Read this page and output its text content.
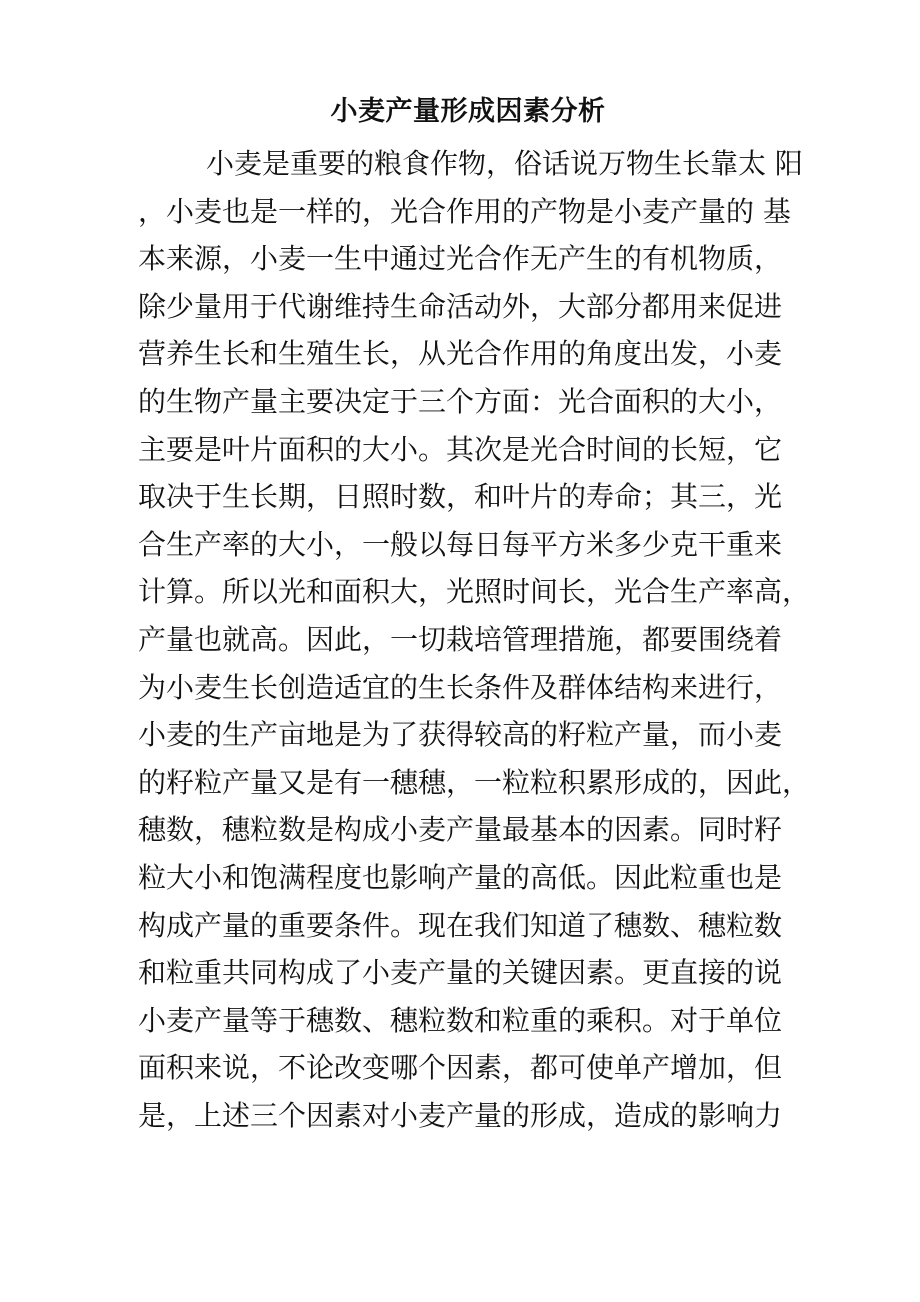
小麦产量形成因素分析
小麦是重要的粮食作物，俗话说万物生长靠太 阳
，小麦也是一样的，光合作用的产物是小麦产量的 基
本来源，小麦一生中通过光合作无产生的有机物质，
除少量用于代谢维持生命活动外，大部分都用来促进
营养生长和生殖生长，从光合作用的角度出发，小麦
的生物产量主要决定于三个方面：光合面积的大小，
主要是叶片面积的大小。其次是光合时间的长短，它
取决于生长期，日照时数，和叶片的寿命；其三，光
合生产率的大小，一般以每日每平方米多少克干重来
计算。所以光和面积大，光照时间长，光合生产率高，
产量也就高。因此，一切栽培管理措施，都要围绕着
为小麦生长创造适宜的生长条件及群体结构来进行，
小麦的生产亩地是为了获得较高的籽粒产量，而小麦
的籽粒产量又是有一穗穗，一粒粒积累形成的，因此，
穗数，穗粒数是构成小麦产量最基本的因素。同时籽
粒大小和饱满程度也影响产量的高低。因此粒重也是
构成产量的重要条件。现在我们知道了穗数、穗粒数
和粒重共同构成了小麦产量的关键因素。更直接的说
小麦产量等于穗数、穗粒数和粒重的乘积。对于单位
面积来说，不论改变哪个因素，都可使单产增加，但
是，上述三个因素对小麦产量的形成，造成的影响力
